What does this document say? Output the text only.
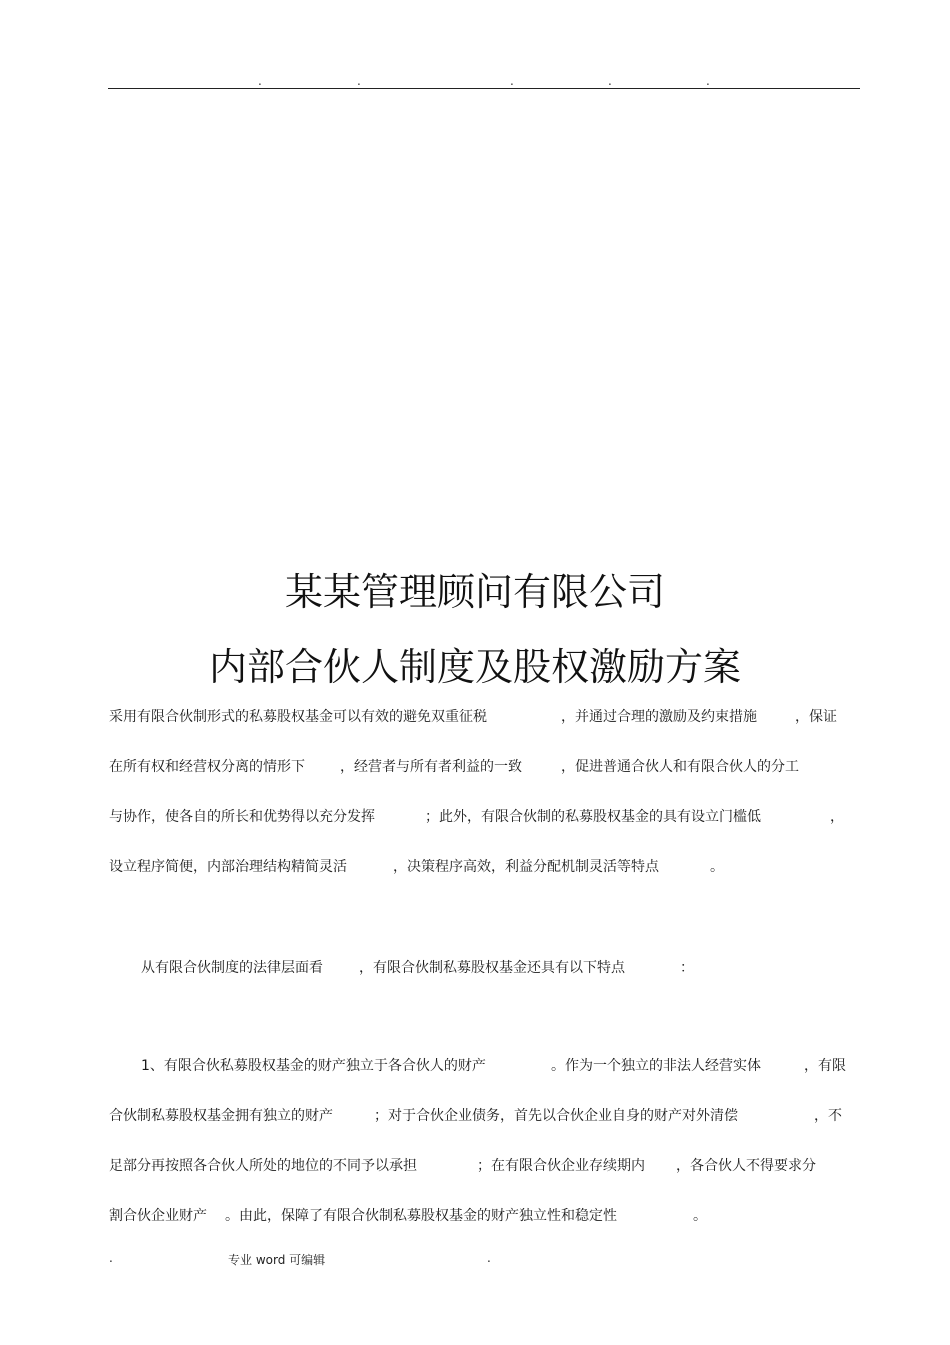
.	.	.	.	.
某某管理顾问有限公司
内部合伙人制度及股权激励方案
采用有限合伙制形式的私募股权基金可以有效的避免双重征税	，并通过合理的激励及约束措施	，保证
在所有权和经营权分离的情形下	，经营者与所有者利益的一致	，促进普通合伙人和有限合伙人的分工
与协作，使各自的所长和优势得以充分发挥	；此外，有限合伙制的私募股权基金的具有设立门槛低	，
设立程序简便，内部治理结构精简灵活	，决策程序高效，利益分配机制灵活等特点	。
从有限合伙制度的法律层面看	，有限合伙制私募股权基金还具有以下特点	：
1、有限合伙私募股权基金的财产独立于各合伙人的财产	。作为一个独立的非法人经营实体	，有限
合伙制私募股权基金拥有独立的财产	；对于合伙企业债务，首先以合伙企业自身的财产对外清偿	，不
足部分再按照各合伙人所处的地位的不同予以承担	；在有限合伙企业存续期内 ，各合伙人不得要求分
割合伙企业财产 。由此，保障了有限合伙制私募股权基金的财产独立性和稳定性	。
.	专业 word 可编辑	.
